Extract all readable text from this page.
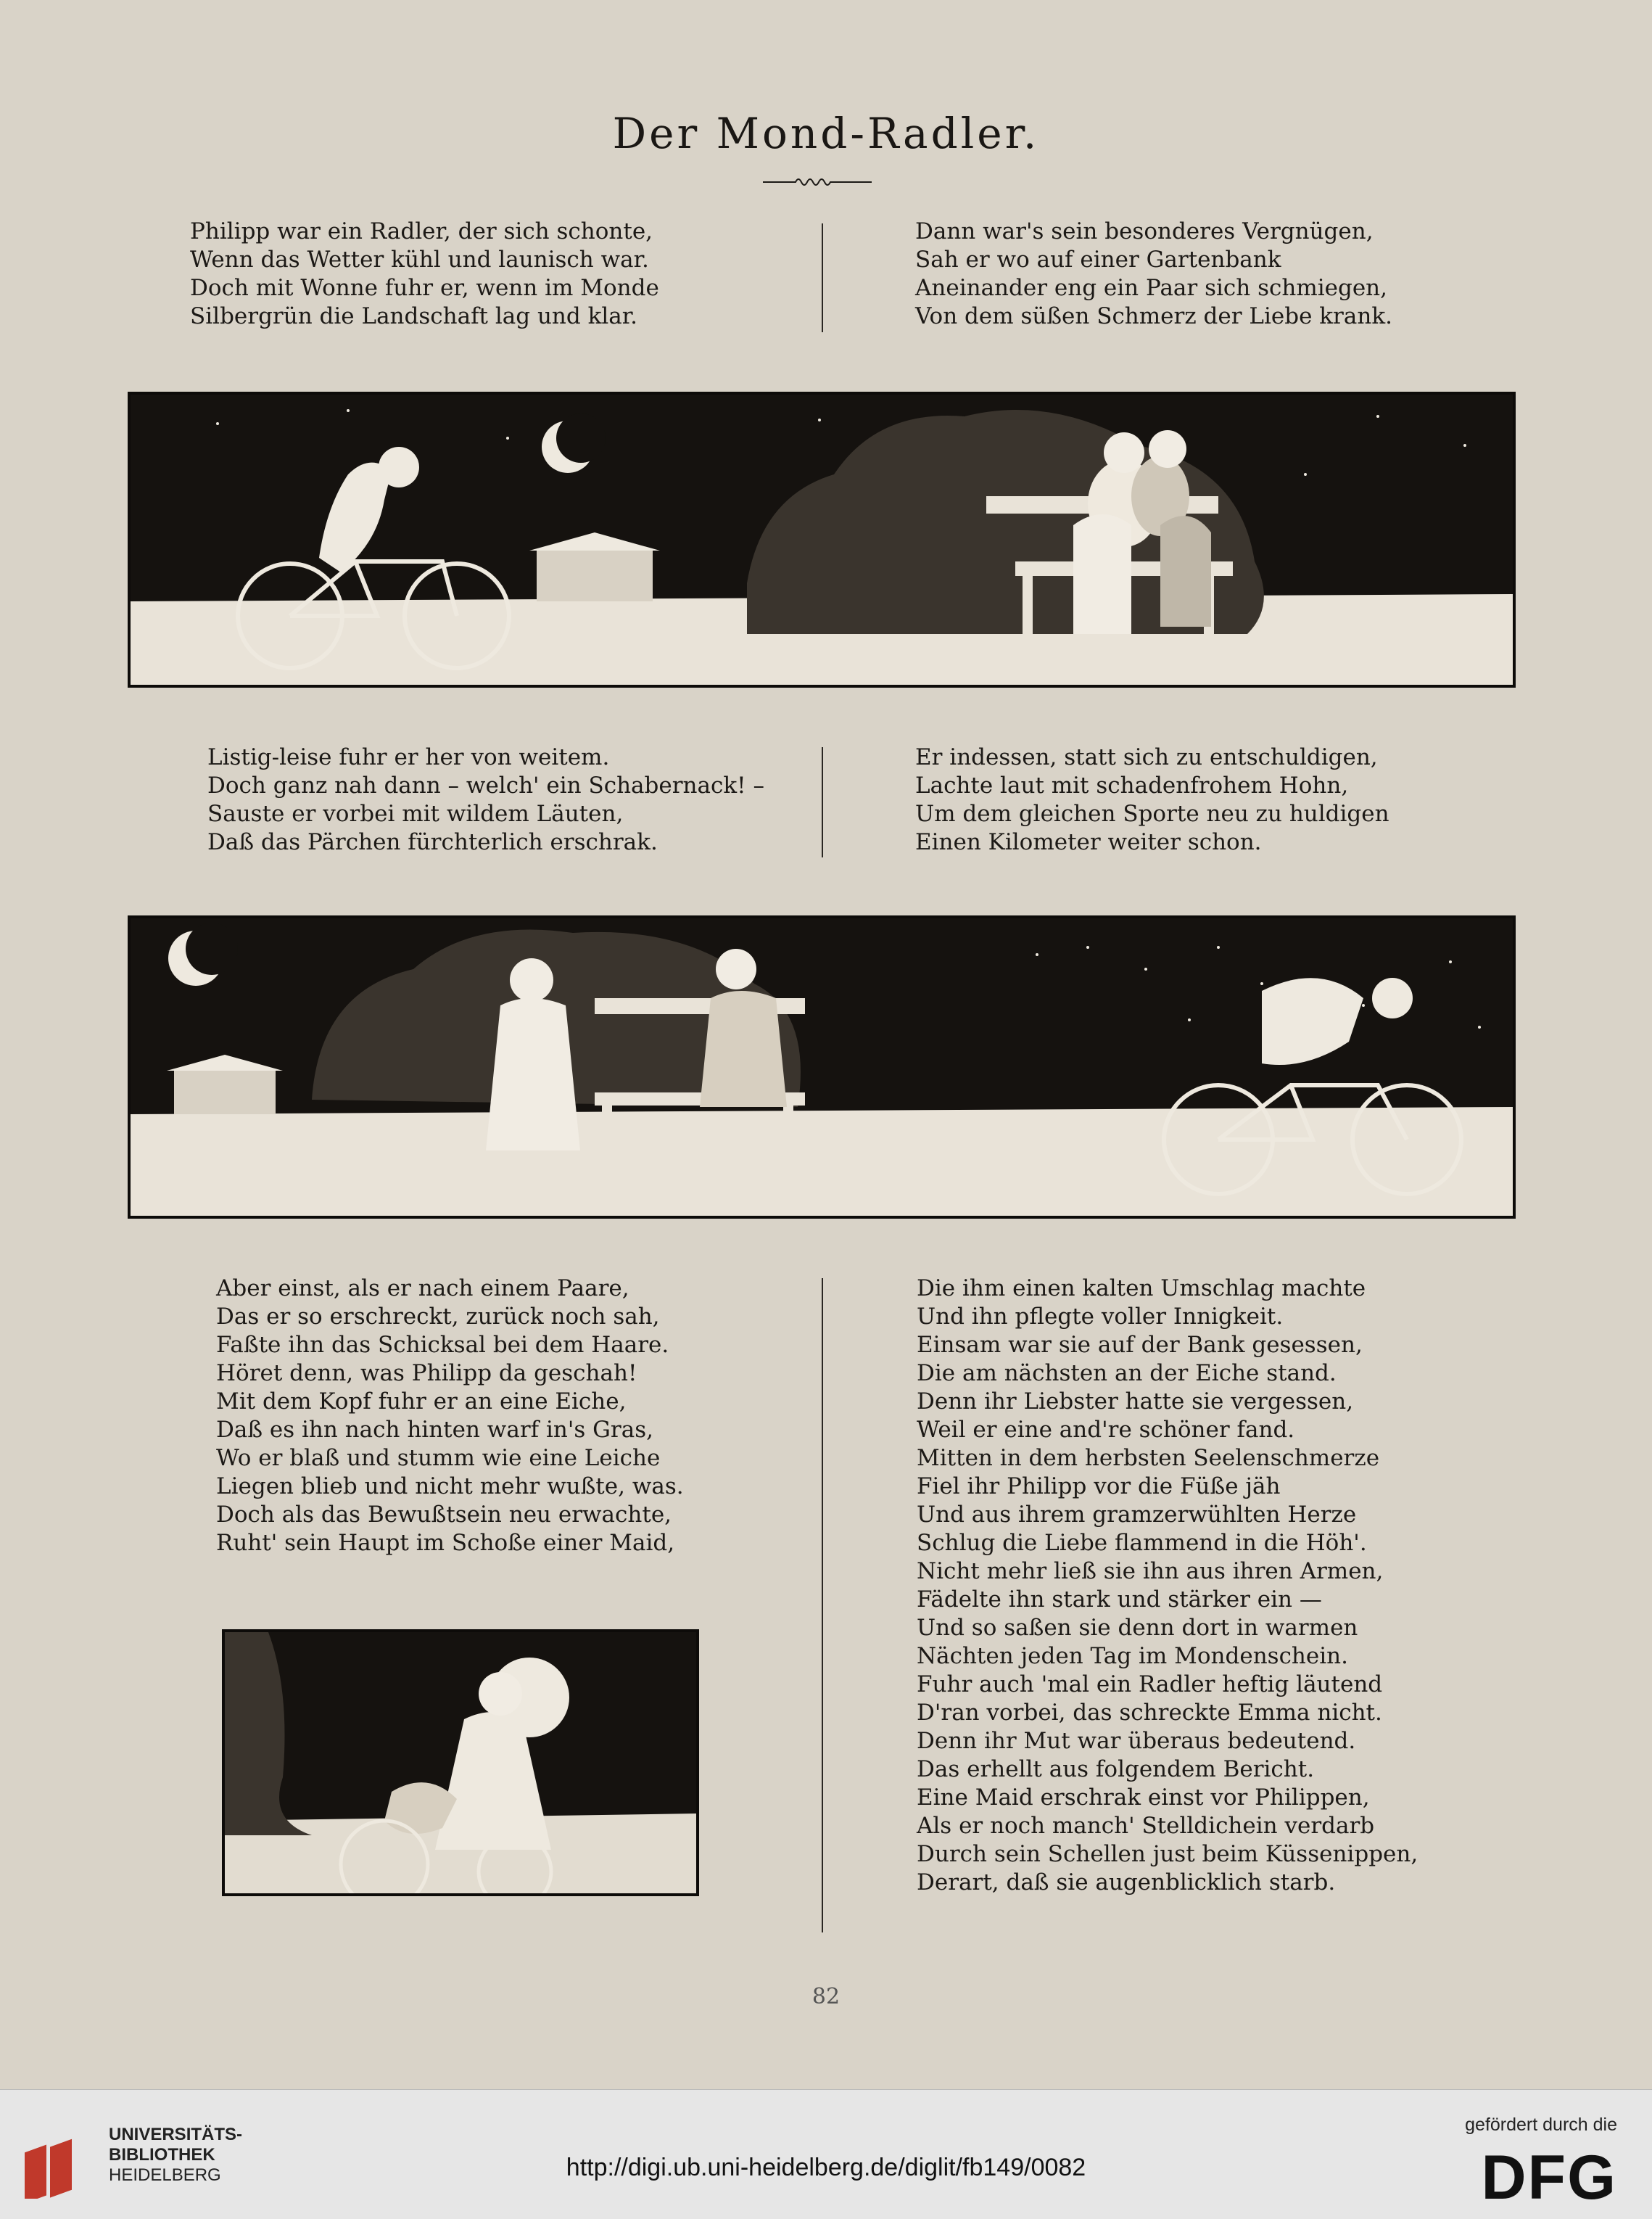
Der Mond-Radler.
Philipp war ein Radler, der sich schonte,
Wenn das Wetter kühl und launisch war.
Doch mit Wonne fuhr er, wenn im Monde
Silbergrün die Landschaft lag und klar.
Dann war's sein besonderes Vergnügen,
Sah er wo auf einer Gartenbank
Aneinander eng ein Paar sich schmiegen,
Von dem süßen Schmerz der Liebe krank.
Listig-leise fuhr er her von weitem.
Doch ganz nah dann – welch' ein Schabernack! –
Sauste er vorbei mit wildem Läuten,
Daß das Pärchen fürchterlich erschrak.
Er indessen, statt sich zu entschuldigen,
Lachte laut mit schadenfrohem Hohn,
Um dem gleichen Sporte neu zu huldigen
Einen Kilometer weiter schon.
Aber einst, als er nach einem Paare,
Das er so erschreckt, zurück noch sah,
Faßte ihn das Schicksal bei dem Haare.
Höret denn, was Philipp da geschah!
Mit dem Kopf fuhr er an eine Eiche,
Daß es ihn nach hinten warf in's Gras,
Wo er blaß und stumm wie eine Leiche
Liegen blieb und nicht mehr wußte, was.
Doch als das Bewußtsein neu erwachte,
Ruht' sein Haupt im Schoße einer Maid,
Die ihm einen kalten Umschlag machte
Und ihn pflegte voller Innigkeit.
Einsam war sie auf der Bank gesessen,
Die am nächsten an der Eiche stand.
Denn ihr Liebster hatte sie vergessen,
Weil er eine and're schöner fand.
Mitten in dem herbsten Seelenschmerze
Fiel ihr Philipp vor die Füße jäh
Und aus ihrem gramzerwühlten Herze
Schlug die Liebe flammend in die Höh'.
Nicht mehr ließ sie ihn aus ihren Armen,
Fädelte ihn stark und stärker ein —
Und so saßen sie denn dort in warmen
Nächten jeden Tag im Mondenschein.
Fuhr auch 'mal ein Radler heftig läutend
D'ran vorbei, das schreckte Emma nicht.
Denn ihr Mut war überaus bedeutend.
Das erhellt aus folgendem Bericht.
Eine Maid erschrak einst vor Philippen,
Als er noch manch' Stelldichein verdarb
Durch sein Schellen just beim Küssenippen,
Derart, daß sie augenblicklich starb.
82
UNIVERSITÄTS-
BIBLIOTHEK
HEIDELBERG	http://digi.ub.uni-heidelberg.de/diglit/fb149/0082
gefördert durch die
DFG
